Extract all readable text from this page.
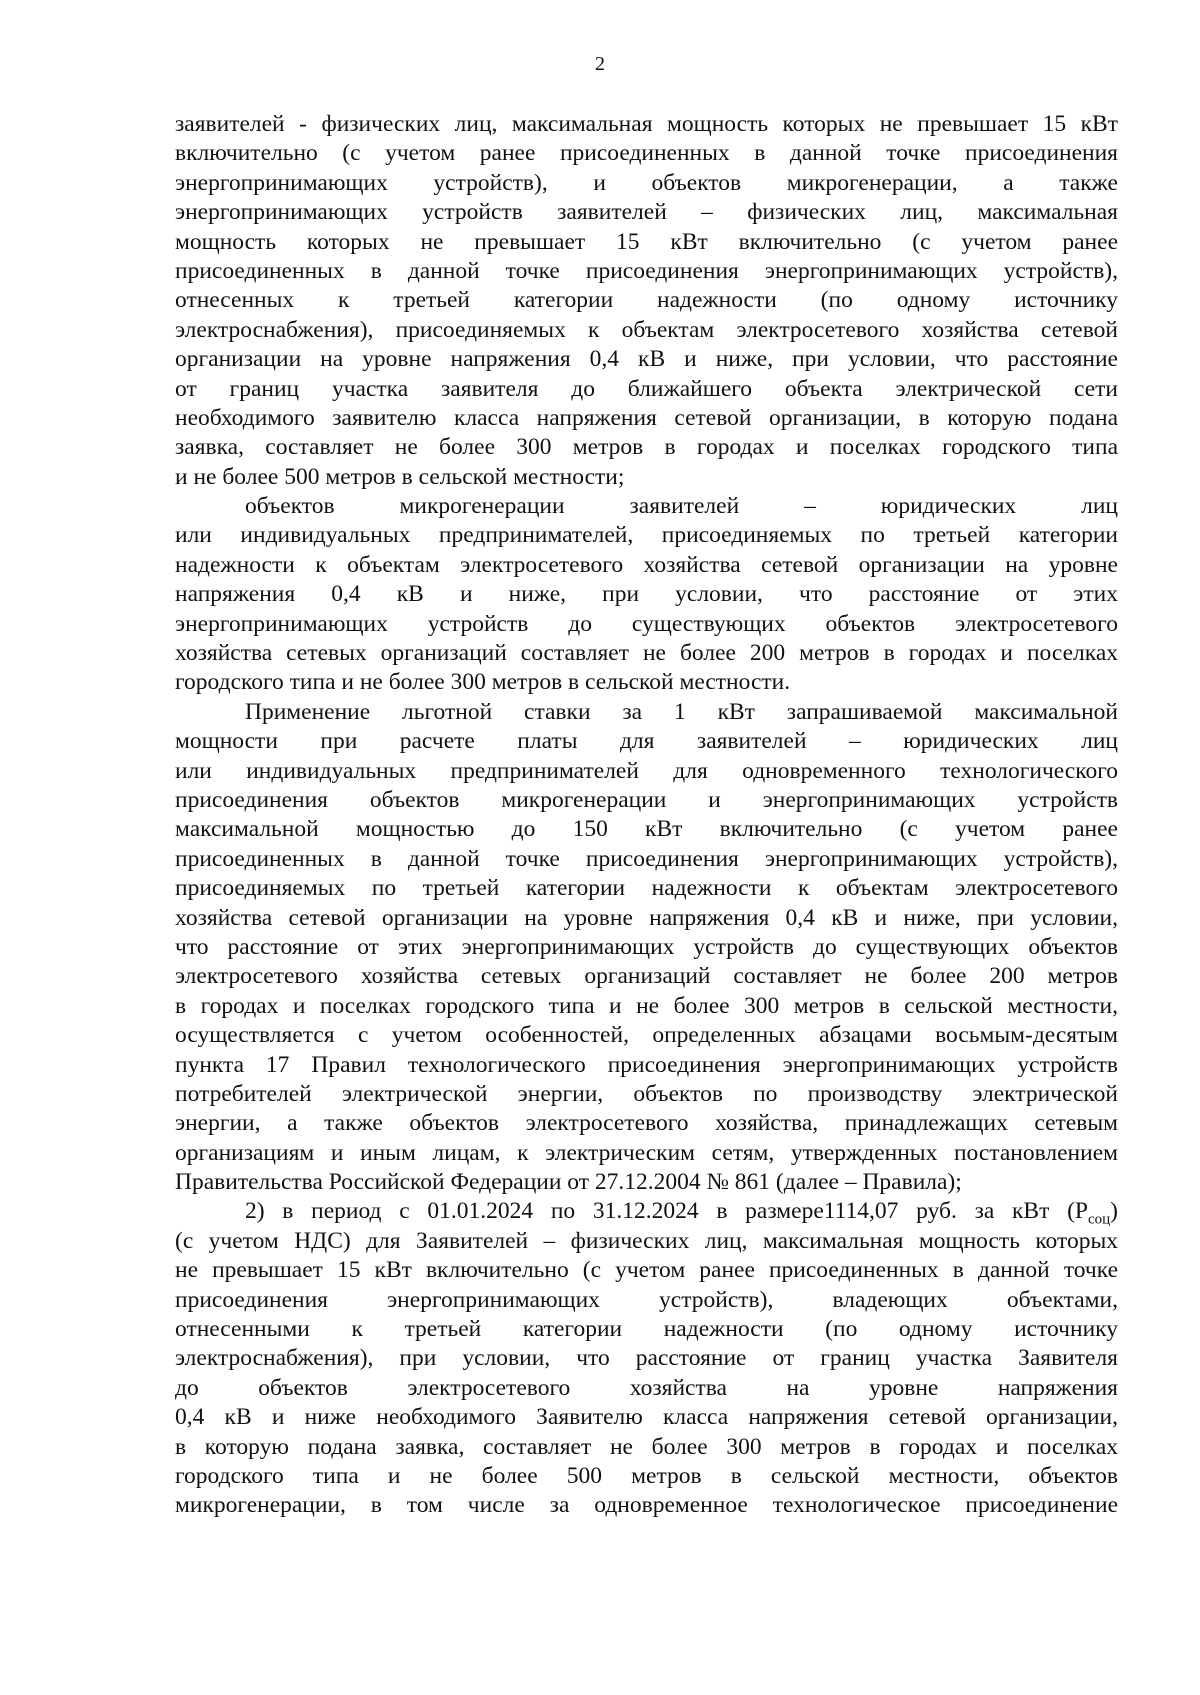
2
заявителей - физических лиц, максимальная мощность которых не превышает 15 кВт
включительно (с учетом ранее присоединенных в данной точке присоединения
энергопринимающих устройств), и объектов микрогенерации, а также
энергопринимающих устройств заявителей – физических лиц, максимальная
мощность которых не превышает 15 кВт включительно (с учетом ранее
присоединенных в данной точке присоединения энергопринимающих устройств),
отнесенных к третьей категории надежности (по одному источнику
электроснабжения), присоединяемых к объектам электросетевого хозяйства сетевой
организации на уровне напряжения 0,4 кВ и ниже, при условии, что расстояние
от границ участка заявителя до ближайшего объекта электрической сети
необходимого заявителю класса напряжения сетевой организации, в которую подана
заявка, составляет не более 300 метров в городах и поселках городского типа
и не более 500 метров в сельской местности;
объектов микрогенерации заявителей – юридических лиц
или индивидуальных предпринимателей, присоединяемых по третьей категории
надежности к объектам электросетевого хозяйства сетевой организации на уровне
напряжения 0,4 кВ и ниже, при условии, что расстояние от этих
энергопринимающих устройств до существующих объектов электросетевого
хозяйства сетевых организаций составляет не более 200 метров в городах и поселках
городского типа и не более 300 метров в сельской местности.
Применение льготной ставки за 1 кВт запрашиваемой максимальной
мощности при расчете платы для заявителей – юридических лиц
или индивидуальных предпринимателей для одновременного технологического
присоединения объектов микрогенерации и энергопринимающих устройств
максимальной мощностью до 150 кВт включительно (с учетом ранее
присоединенных в данной точке присоединения энергопринимающих устройств),
присоединяемых по третьей категории надежности к объектам электросетевого
хозяйства сетевой организации на уровне напряжения 0,4 кВ и ниже, при условии,
что расстояние от этих энергопринимающих устройств до существующих объектов
электросетевого хозяйства сетевых организаций составляет не более 200 метров
в городах и поселках городского типа и не более 300 метров в сельской местности,
осуществляется с учетом особенностей, определенных абзацами восьмым-десятым
пункта 17 Правил технологического присоединения энергопринимающих устройств
потребителей электрической энергии, объектов по производству электрической
энергии, а также объектов электросетевого хозяйства, принадлежащих сетевым
организациям и иным лицам, к электрическим сетям, утвержденных постановлением
Правительства Российской Федерации от 27.12.2004 № 861 (далее – Правила);
2) в период с 01.01.2024 по 31.12.2024 в размере1114,07 руб. за кВт $(P_{соц})$
(с учетом НДС) для Заявителей – физических лиц, максимальная мощность которых
не превышает 15 кВт включительно (с учетом ранее присоединенных в данной точке
присоединения энергопринимающих устройств), владеющих объектами,
отнесенными к третьей категории надежности (по одному источнику
электроснабжения), при условии, что расстояние от границ участка Заявителя
до объектов электросетевого хозяйства на уровне напряжения
0,4 кВ и ниже необходимого Заявителю класса напряжения сетевой организации,
в которую подана заявка, составляет не более 300 метров в городах и поселках
городского типа и не более 500 метров в сельской местности, объектов
микрогенерации, в том числе за одновременное технологическое присоединение
